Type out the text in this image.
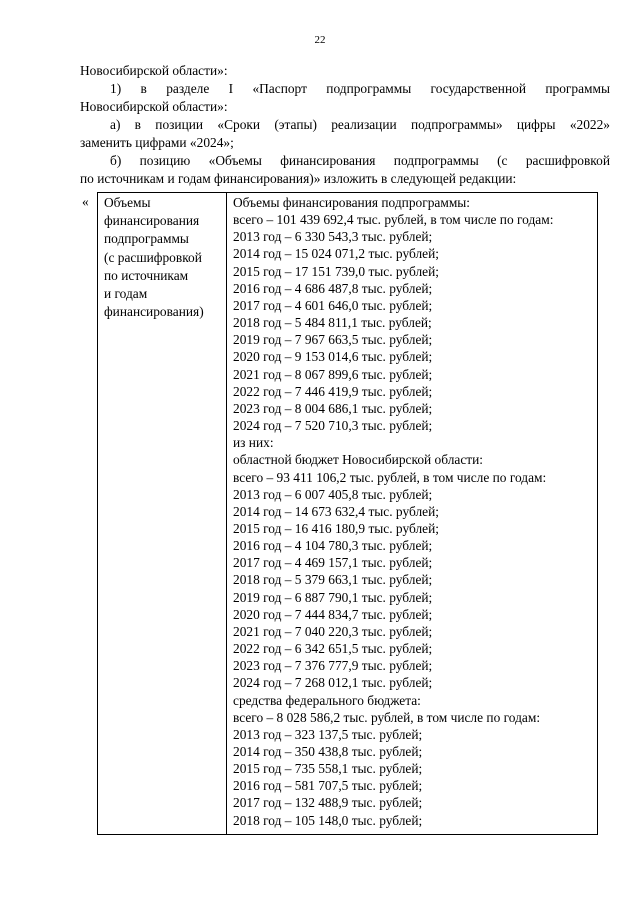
22
Новосибирской области»:
1) в разделе I «Паспорт подпрограммы государственной программы
Новосибирской области»:
а) в позиции «Сроки (этапы) реализации подпрограммы» цифры «2022»
заменить цифрами «2024»;
б) позицию «Объемы финансирования подпрограммы (с расшифровкой
по источникам и годам финансирования)» изложить в следующей редакции:
« Объемы
финансирования
подпрограммы
(с расшифровкой
по источникам
и годам
финансирования)

Объемы финансирования подпрограммы:
всего – 101 439 692,4 тыс. рублей, в том числе по годам:
2013 год – 6 330 543,3 тыс. рублей;
2014 год – 15 024 071,2 тыс. рублей;
2015 год – 17 151 739,0 тыс. рублей;
2016 год – 4 686 487,8 тыс. рублей;
2017 год – 4 601 646,0 тыс. рублей;
2018 год – 5 484 811,1 тыс. рублей;
2019 год – 7 967 663,5 тыс. рублей;
2020 год – 9 153 014,6 тыс. рублей;
2021 год – 8 067 899,6 тыс. рублей;
2022 год – 7 446 419,9 тыс. рублей;
2023 год – 8 004 686,1 тыс. рублей;
2024 год – 7 520 710,3 тыс. рублей;
из них:
областной бюджет Новосибирской области:
всего – 93 411 106,2 тыс. рублей, в том числе по годам:
2013 год – 6 007 405,8 тыс. рублей;
2014 год – 14 673 632,4 тыс. рублей;
2015 год – 16 416 180,9 тыс. рублей;
2016 год – 4 104 780,3 тыс. рублей;
2017 год – 4 469 157,1 тыс. рублей;
2018 год – 5 379 663,1 тыс. рублей;
2019 год – 6 887 790,1 тыс. рублей;
2020 год – 7 444 834,7 тыс. рублей;
2021 год – 7 040 220,3 тыс. рублей;
2022 год – 6 342 651,5 тыс. рублей;
2023 год – 7 376 777,9 тыс. рублей;
2024 год – 7 268 012,1 тыс. рублей;
средства федерального бюджета:
всего – 8 028 586,2 тыс. рублей, в том числе по годам:
2013 год – 323 137,5 тыс. рублей;
2014 год – 350 438,8 тыс. рублей;
2015 год – 735 558,1 тыс. рублей;
2016 год – 581 707,5 тыс. рублей;
2017 год – 132 488,9 тыс. рублей;
2018 год – 105 148,0 тыс. рублей;
